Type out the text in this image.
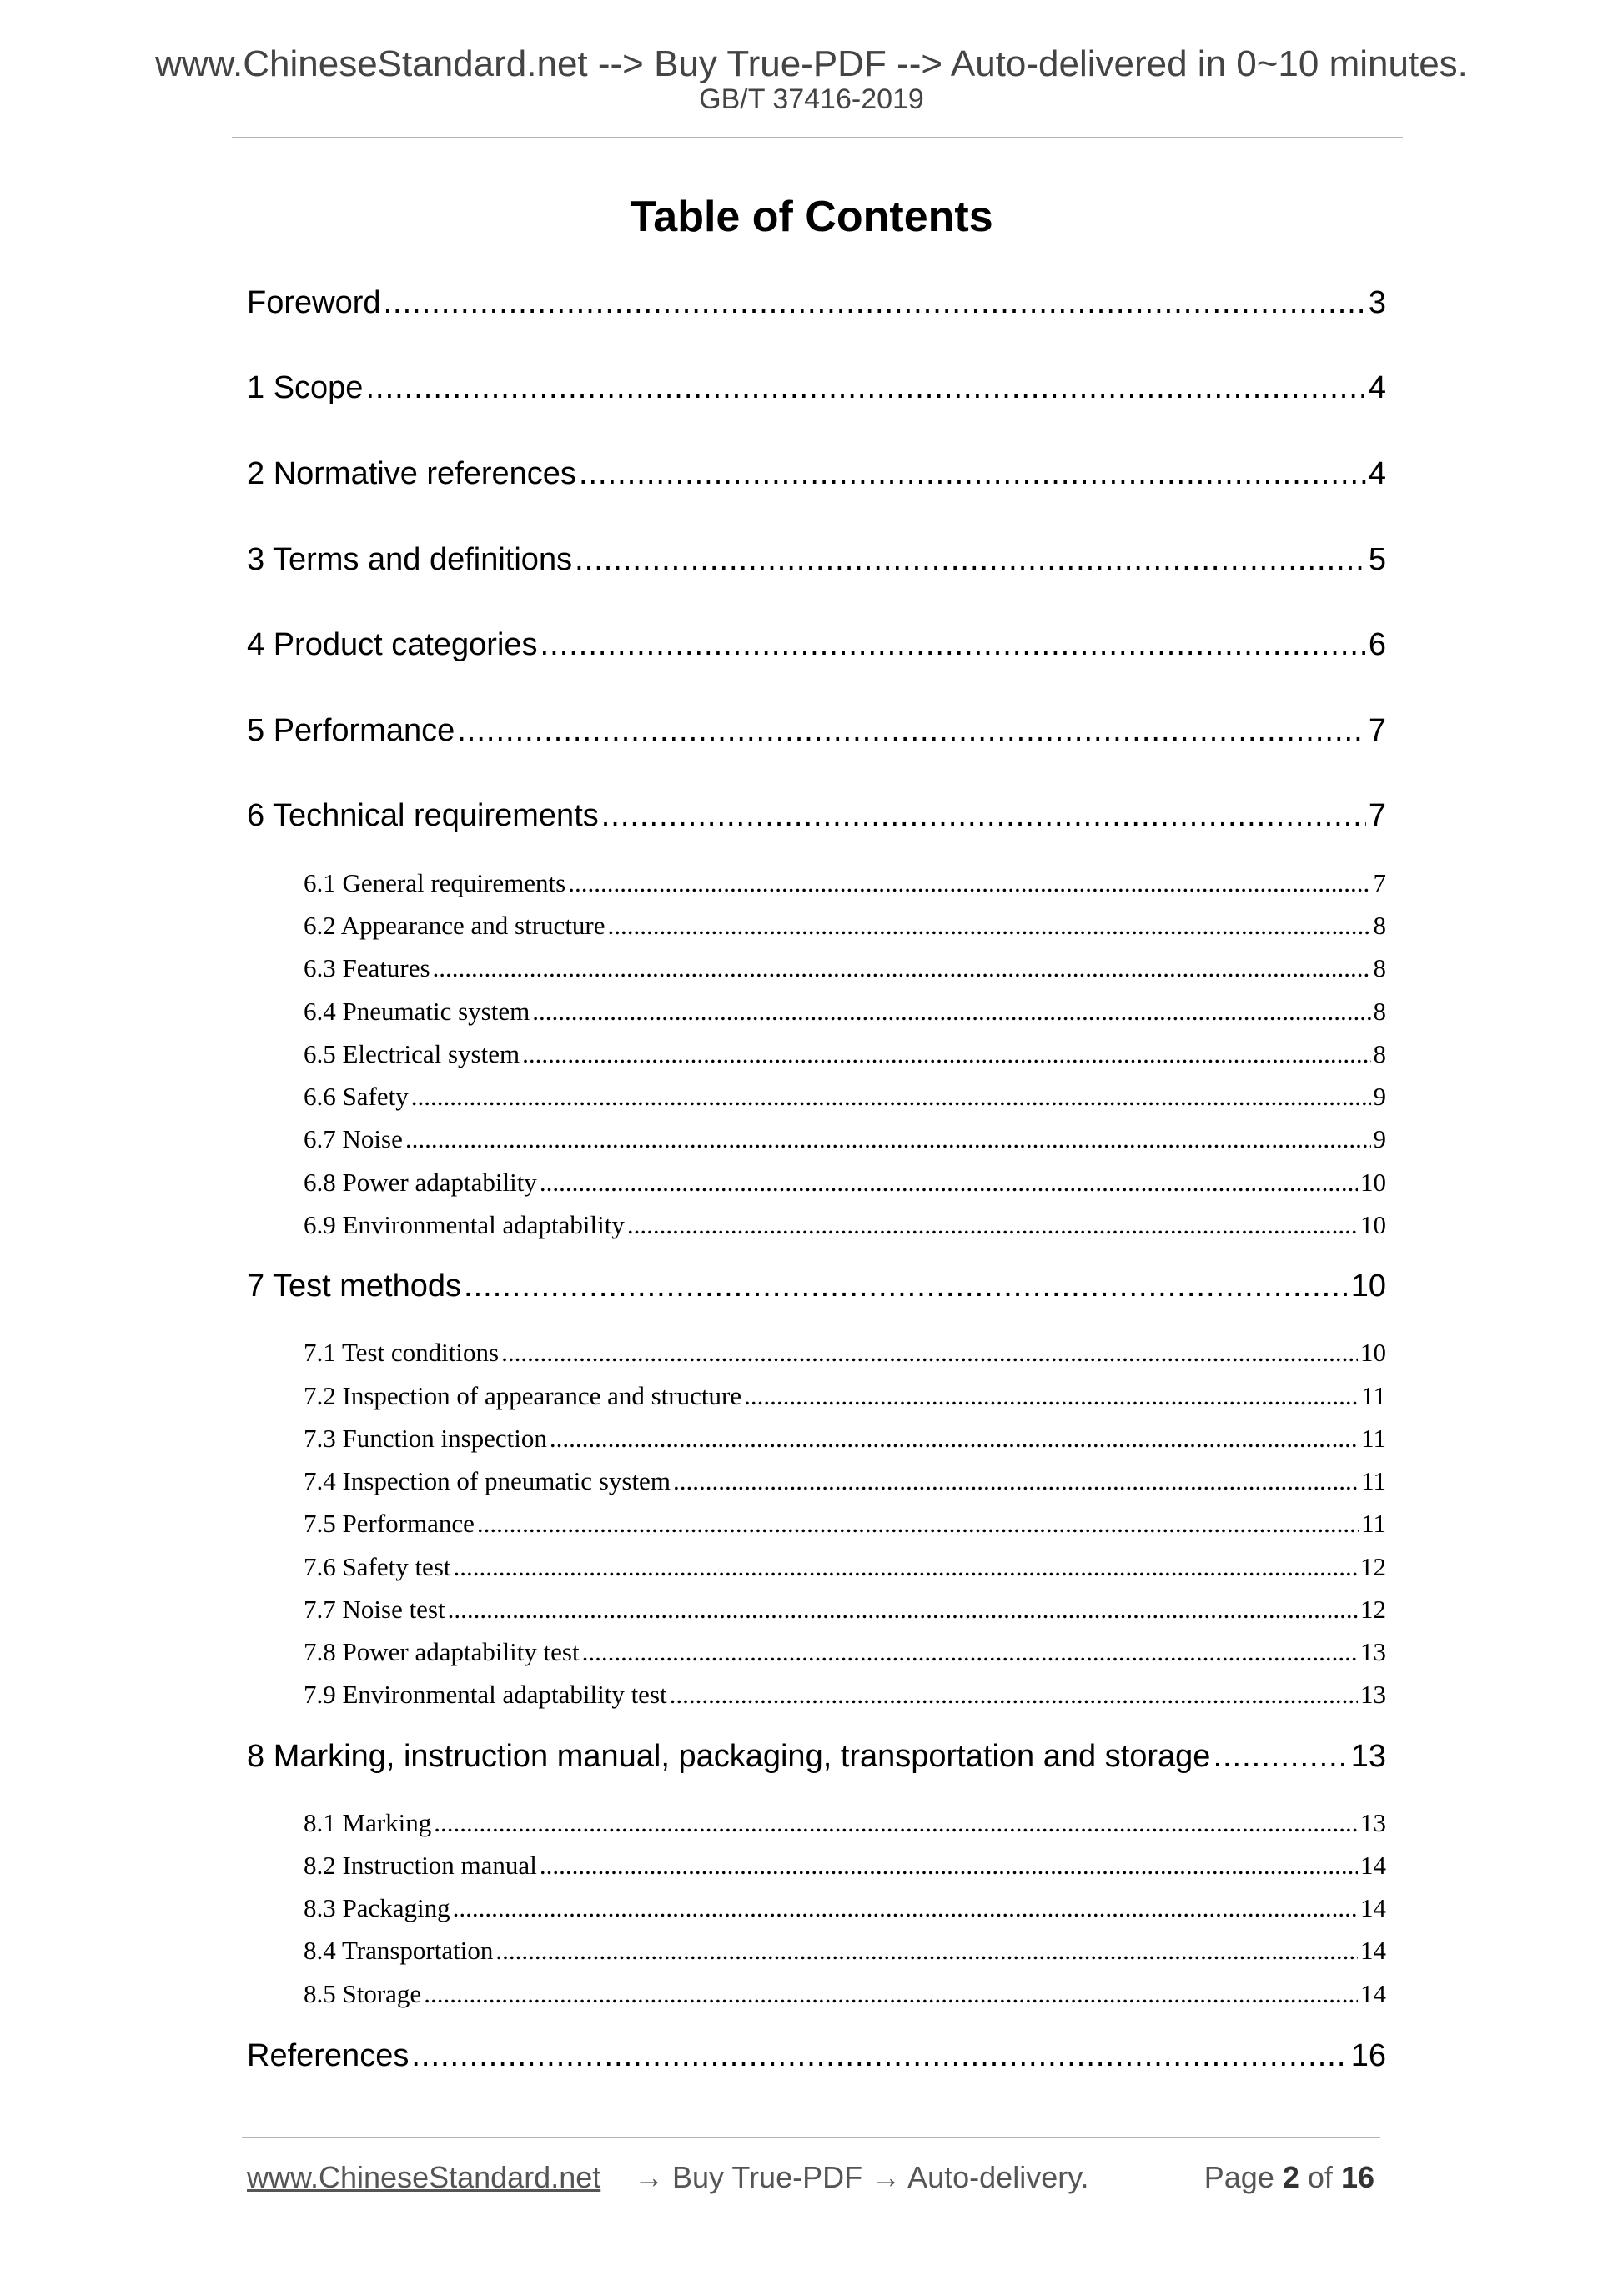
www.ChineseStandard.net --> Buy True-PDF --> Auto-delivered in 0~10 minutes.
GB/T 37416-2019
Table of Contents
Foreword .....	3
1 Scope .....	4
2 Normative references .....	4
3 Terms and definitions .....	5
4 Product categories .....	6
5 Performance .....	7
6 Technical requirements .....	7
6.1 General requirements .....	7
6.2 Appearance and structure .....	8
6.3 Features .....	8
6.4 Pneumatic system .....	8
6.5 Electrical system .....	8
6.6 Safety .....	9
6.7 Noise .....	9
6.8 Power adaptability .....	10
6.9 Environmental adaptability .....	10
7 Test methods .....	10
7.1 Test conditions .....	10
7.2 Inspection of appearance and structure .....	11
7.3 Function inspection .....	11
7.4 Inspection of pneumatic system .....	11
7.5 Performance .....	11
7.6 Safety test .....	12
7.7 Noise test .....	12
7.8 Power adaptability test .....	13
7.9 Environmental adaptability test .....	13
8 Marking, instruction manual, packaging, transportation and storage .....	13
8.1 Marking .....	13
8.2 Instruction manual .....	14
8.3 Packaging .....	14
8.4 Transportation .....	14
8.5 Storage .....	14
References .....	16
www.ChineseStandard.net → Buy True-PDF → Auto-delivery.	Page 2 of 16
